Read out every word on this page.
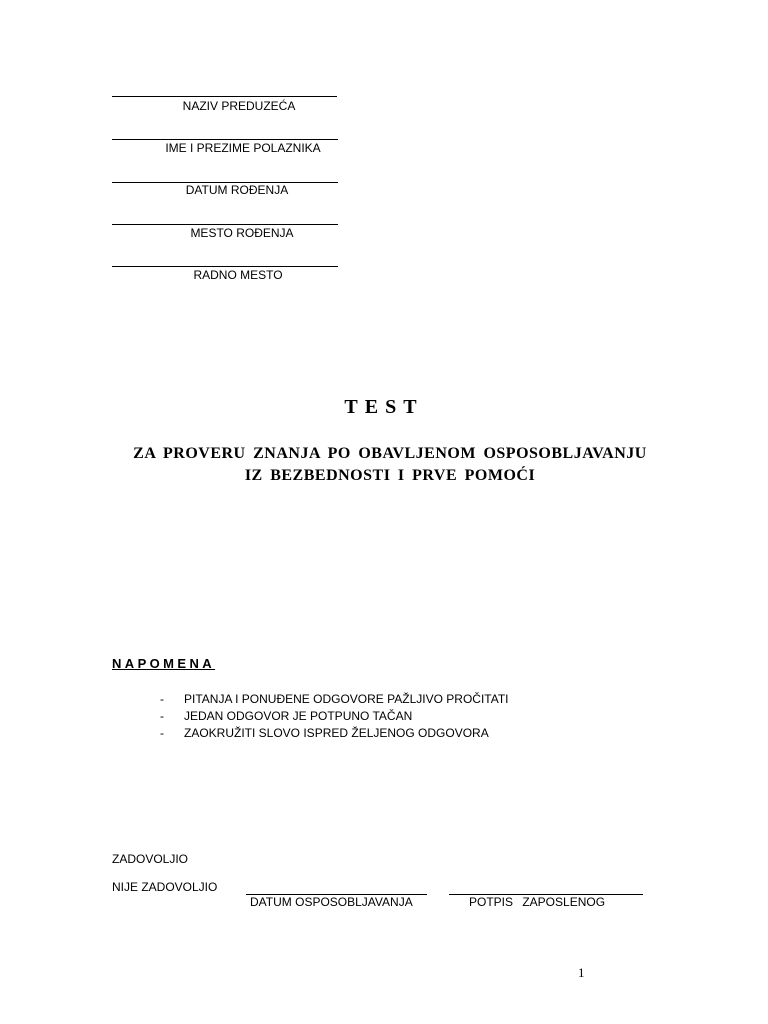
NAZIV PREDUZEĆA
IME I PREZIME POLAZNIKA
DATUM ROĐENJA
MESTO ROĐENJA
RADNO MESTO
TEST
ZA PROVERU ZNANJA PO OBAVLJENOM OSPOSOBLJAVANJU
IZ BEZBEDNOSTI I PRVE POMOĆI
NAPOMENA
- PITANJA I PONUĐENE ODGOVORE PAŽLJIVO PROČITATI
- JEDAN ODGOVOR JE POTPUNO TAČAN
- ZAOKRUŽITI SLOVO ISPRED ŽELJENOG ODGOVORA
ZADOVOLJIO
NIJE ZADOVOLJIO
DATUM OSPOSOBLJAVANJA	POTPIS ZAPOSLENOG
1
